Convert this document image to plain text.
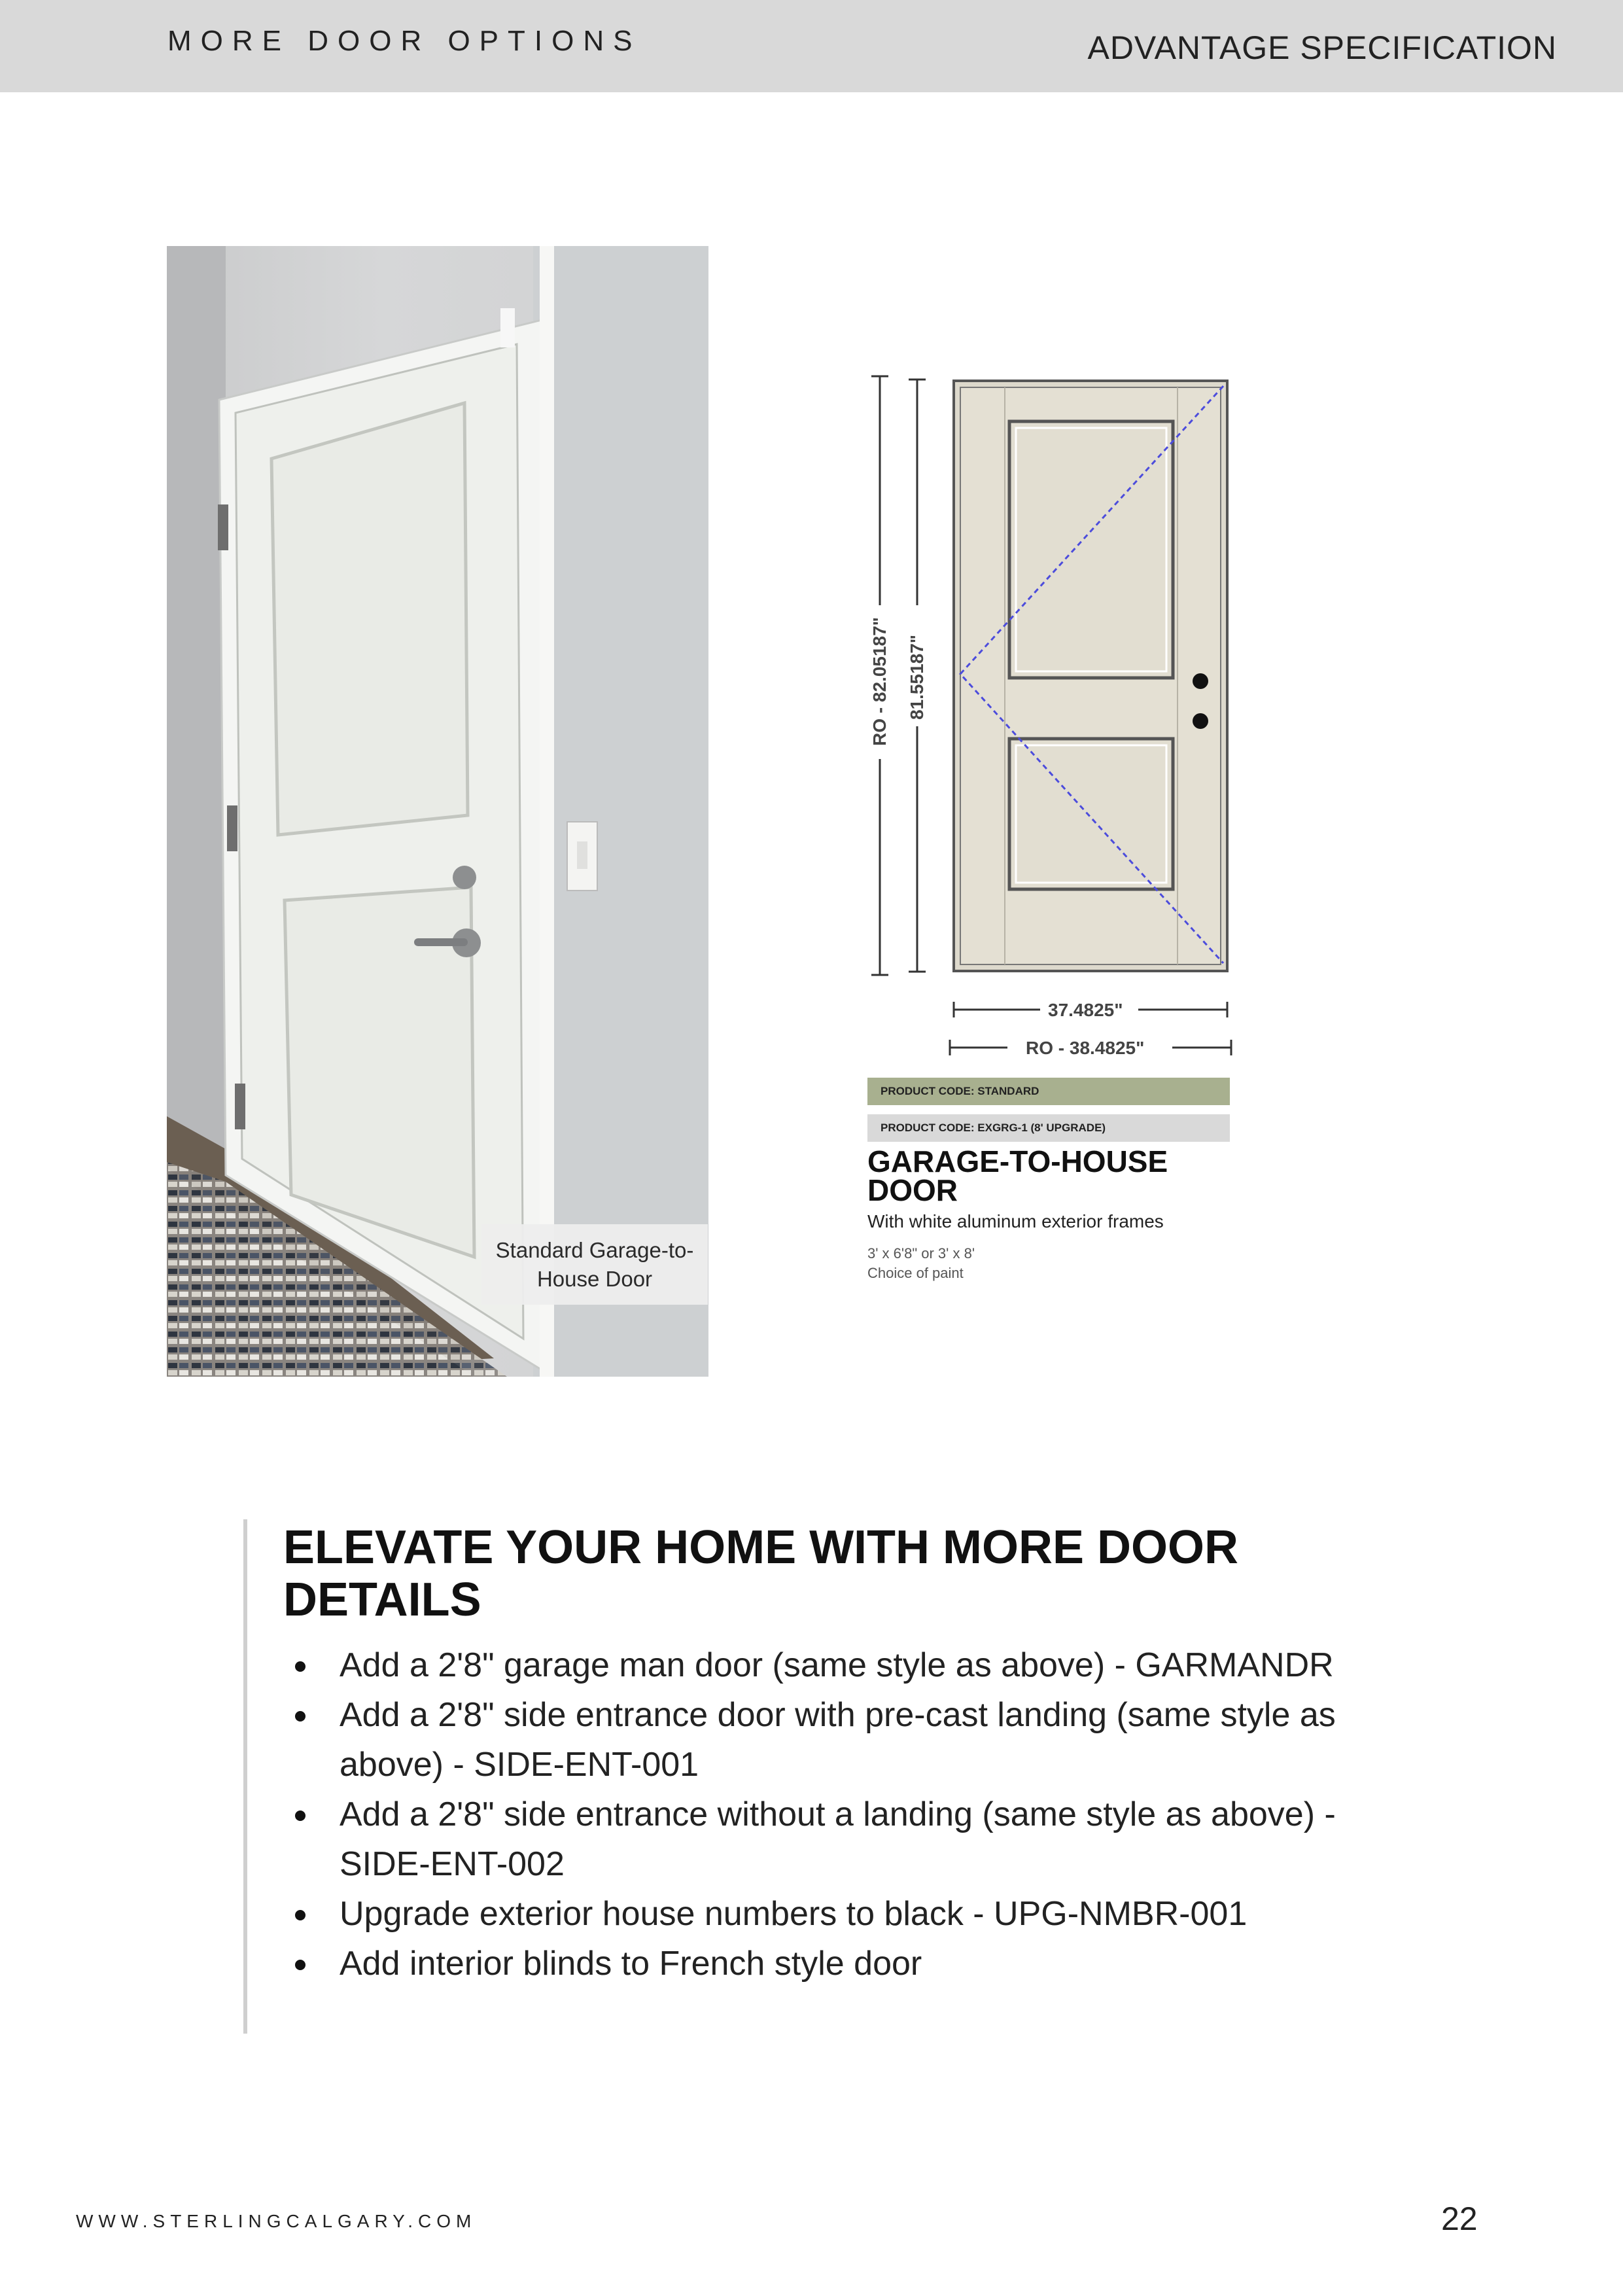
MORE DOOR OPTIONS	ADVANTAGE SPECIFICATION
Standard Garage-to-House Door
RO - 82.05187" 81.55187"
37.4825"
RO - 38.4825"
PRODUCT CODE: STANDARD
PRODUCT CODE: EXGRG-1 (8' UPGRADE)
GARAGE-TO-HOUSE DOOR
With white aluminum exterior frames
3' x 6'8" or 3' x 8'
Choice of paint
ELEVATE YOUR HOME WITH MORE DOOR DETAILS
Add a 2'8" garage man door (same style as above) - GARMANDR
Add a 2'8" side entrance door with pre-cast landing (same style as above) - SIDE-ENT-001
Add a 2'8" side entrance without a landing (same style as above) - SIDE-ENT-002
Upgrade exterior house numbers to black - UPG-NMBR-001
Add interior blinds to French style door
WWW.STERLINGCALGARY.COM	22
